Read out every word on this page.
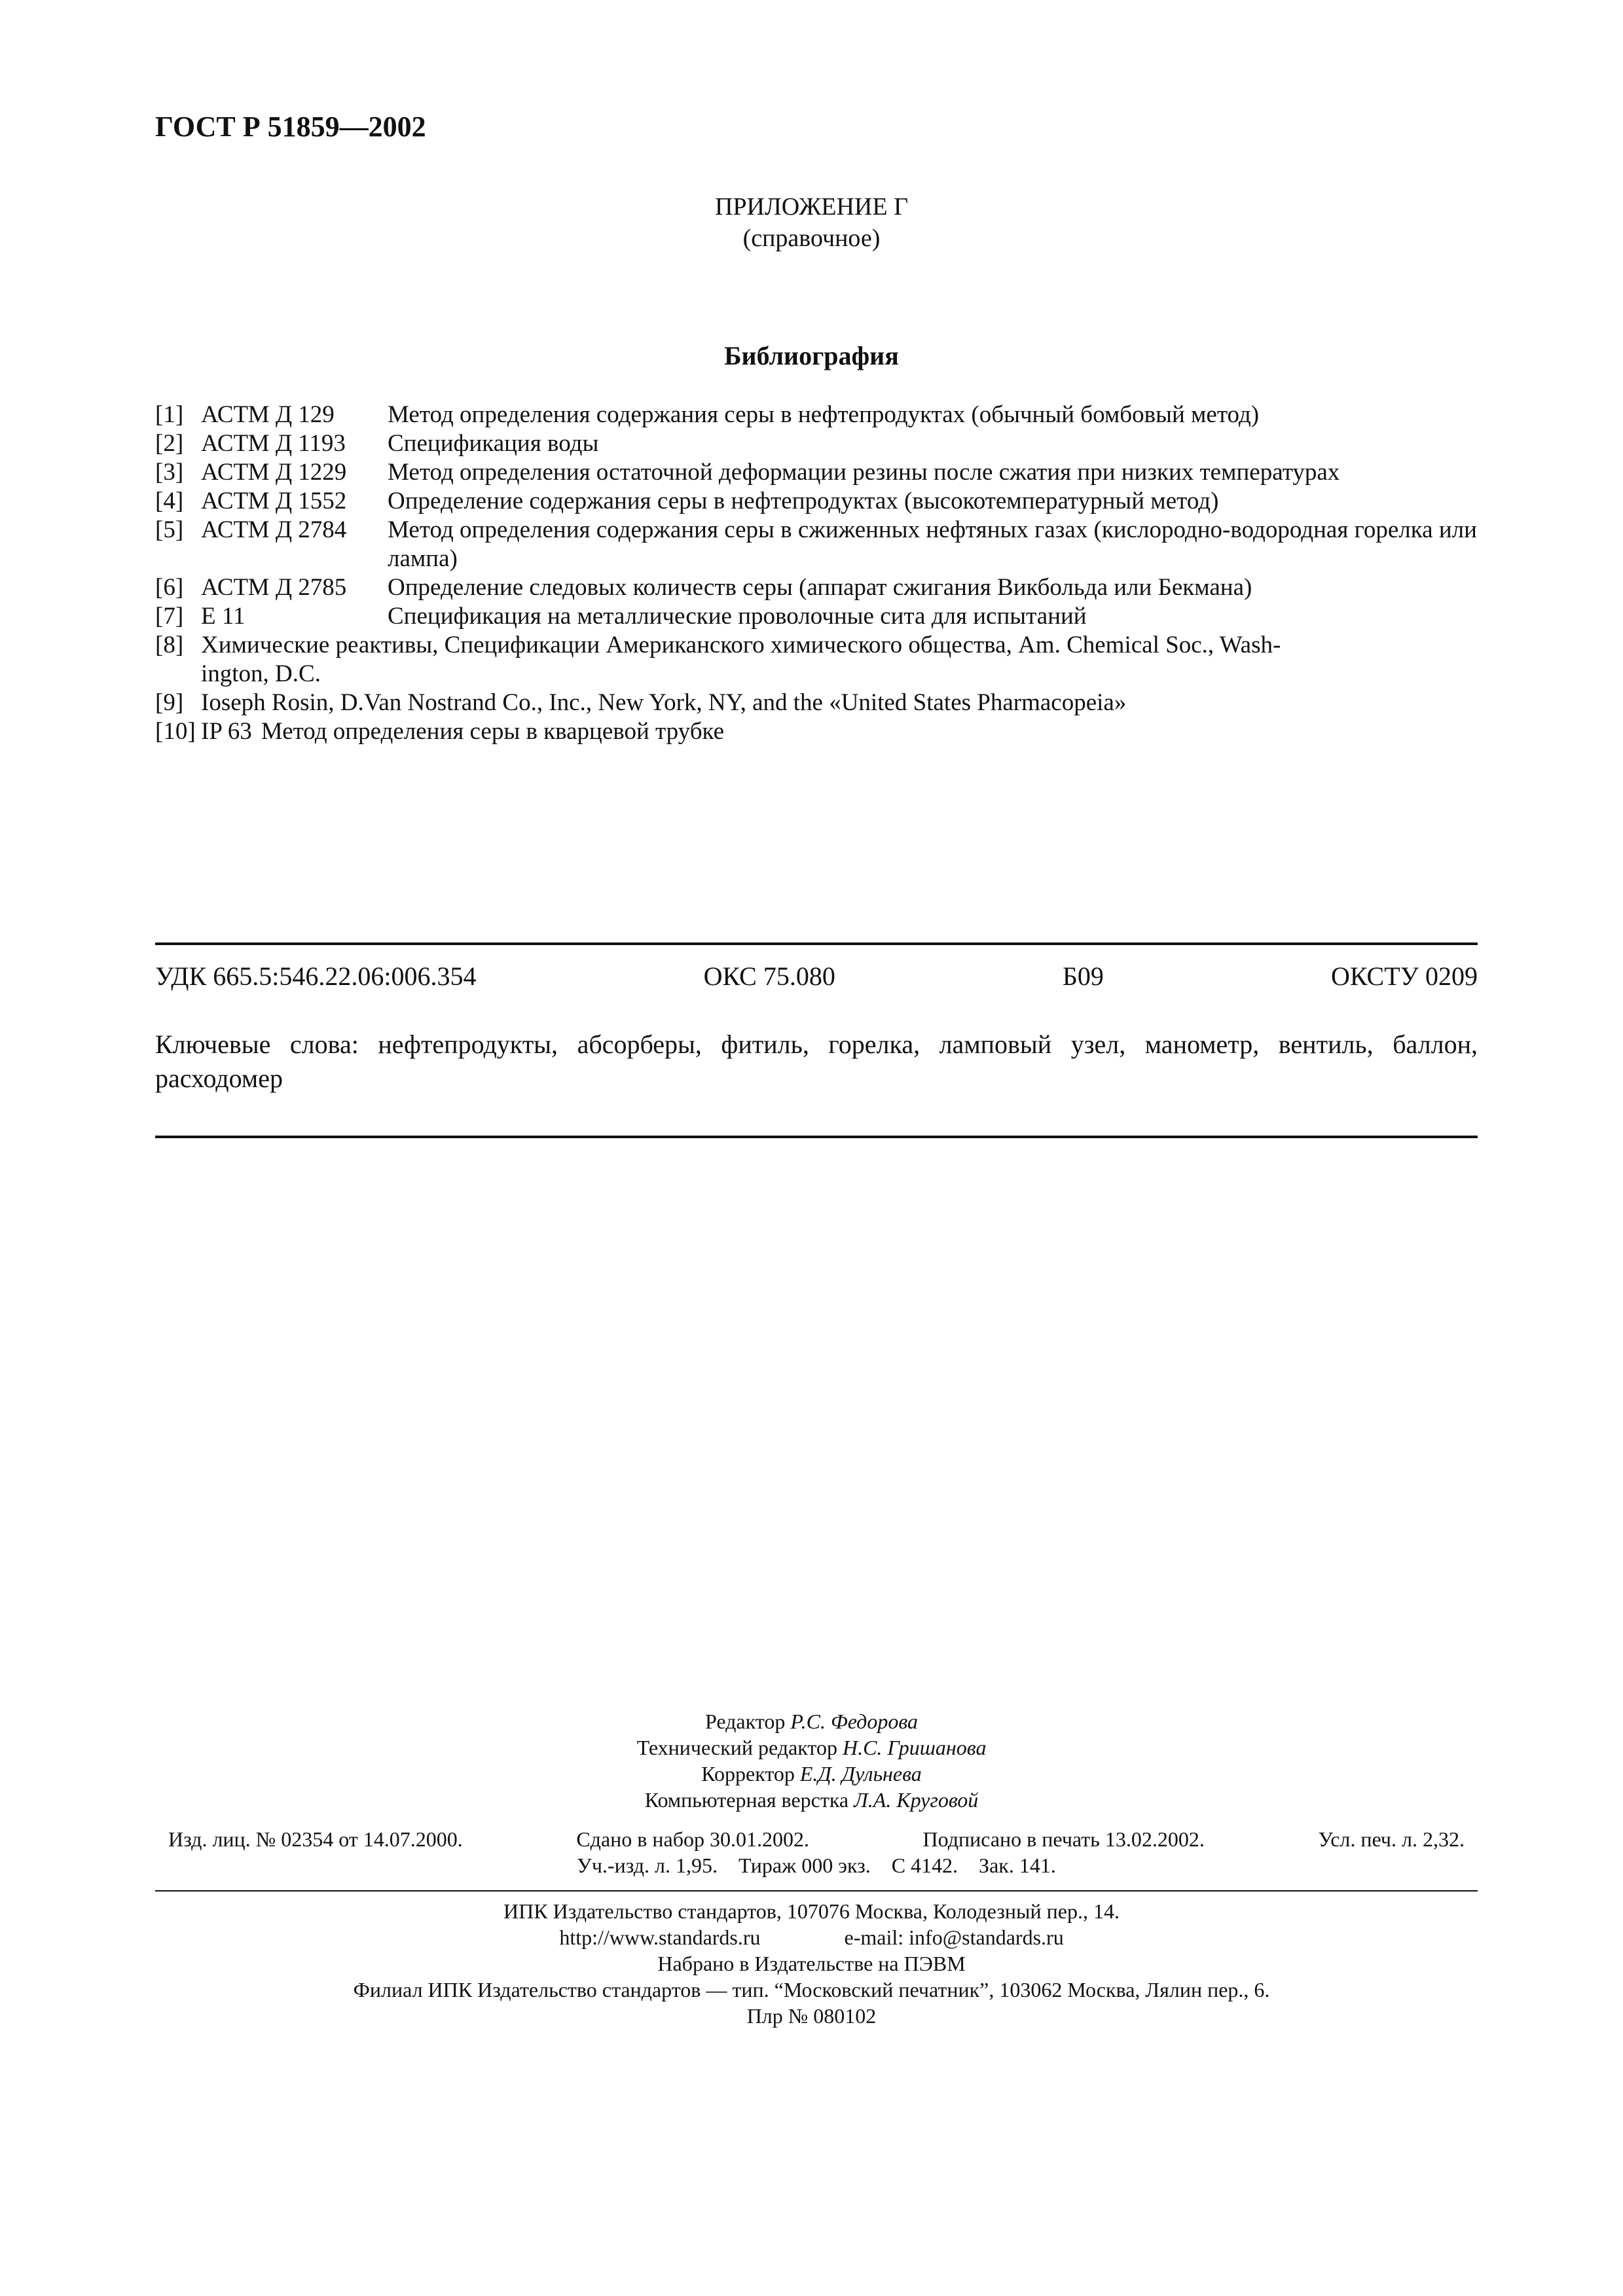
ГОСТ Р 51859—2002
ПРИЛОЖЕНИЕ Г
(справочное)
Библиография
[1] АСТМ Д 129	Метод определения содержания серы в нефтепродуктах (обычный бомбовый метод)
[2] АСТМ Д 1193	Спецификация воды
[3] АСТМ Д 1229	Метод определения остаточной деформации резины после сжатия при низких температурах
[4] АСТМ Д 1552	Определение содержания серы в нефтепродуктах (высокотемпературный метод)
[5] АСТМ Д 2784	Метод определения содержания серы в сжиженных нефтяных газах (кислородно-водородная горелка или лампа)
[6] АСТМ Д 2785	Определение следовых количеств серы (аппарат сжигания Викбольда или Бекмана)
[7] Е 11	Спецификация на металлические проволочные сита для испытаний
[8] Химические реактивы, Спецификации Американского химического общества, Am. Chemical Soc., Wash-
ington, D.C.
[9] Ioseph Rosin, D.Van Nostrand Co., Inc., New York, NY, and the «United States Pharmacopeia»
[10] IP 63 Метод определения серы в кварцевой трубке
УДК 665.5:546.22.06:006.354	ОКС 75.080	Б09	ОКСТУ 0209
Ключевые слова: нефтепродукты, абсорберы, фитиль, горелка, ламповый узел, манометр, вентиль, баллон, расходомер
Редактор Р.С. Федорова
Технический редактор Н.С. Гришанова
Корректор Е.Д. Дульнева
Компьютерная верстка Л.А. Круговой
Изд. лиц. № 02354 от 14.07.2000.	Сдано в набор 30.01.2002.	Подписано в печать 13.02.2002.	Усл. печ. л. 2,32.
Уч.-изд. л. 1,95.    Тираж 000 экз.    С 4142.    Зак. 141.
ИПК Издательство стандартов, 107076 Москва, Колодезный пер., 14.
http://www.standards.ru	e-mail: info@standards.ru
Набрано в Издательстве на ПЭВМ
Филиал ИПК Издательство стандартов — тип. “Московский печатник”, 103062 Москва, Лялин пер., 6.
Плр № 080102
